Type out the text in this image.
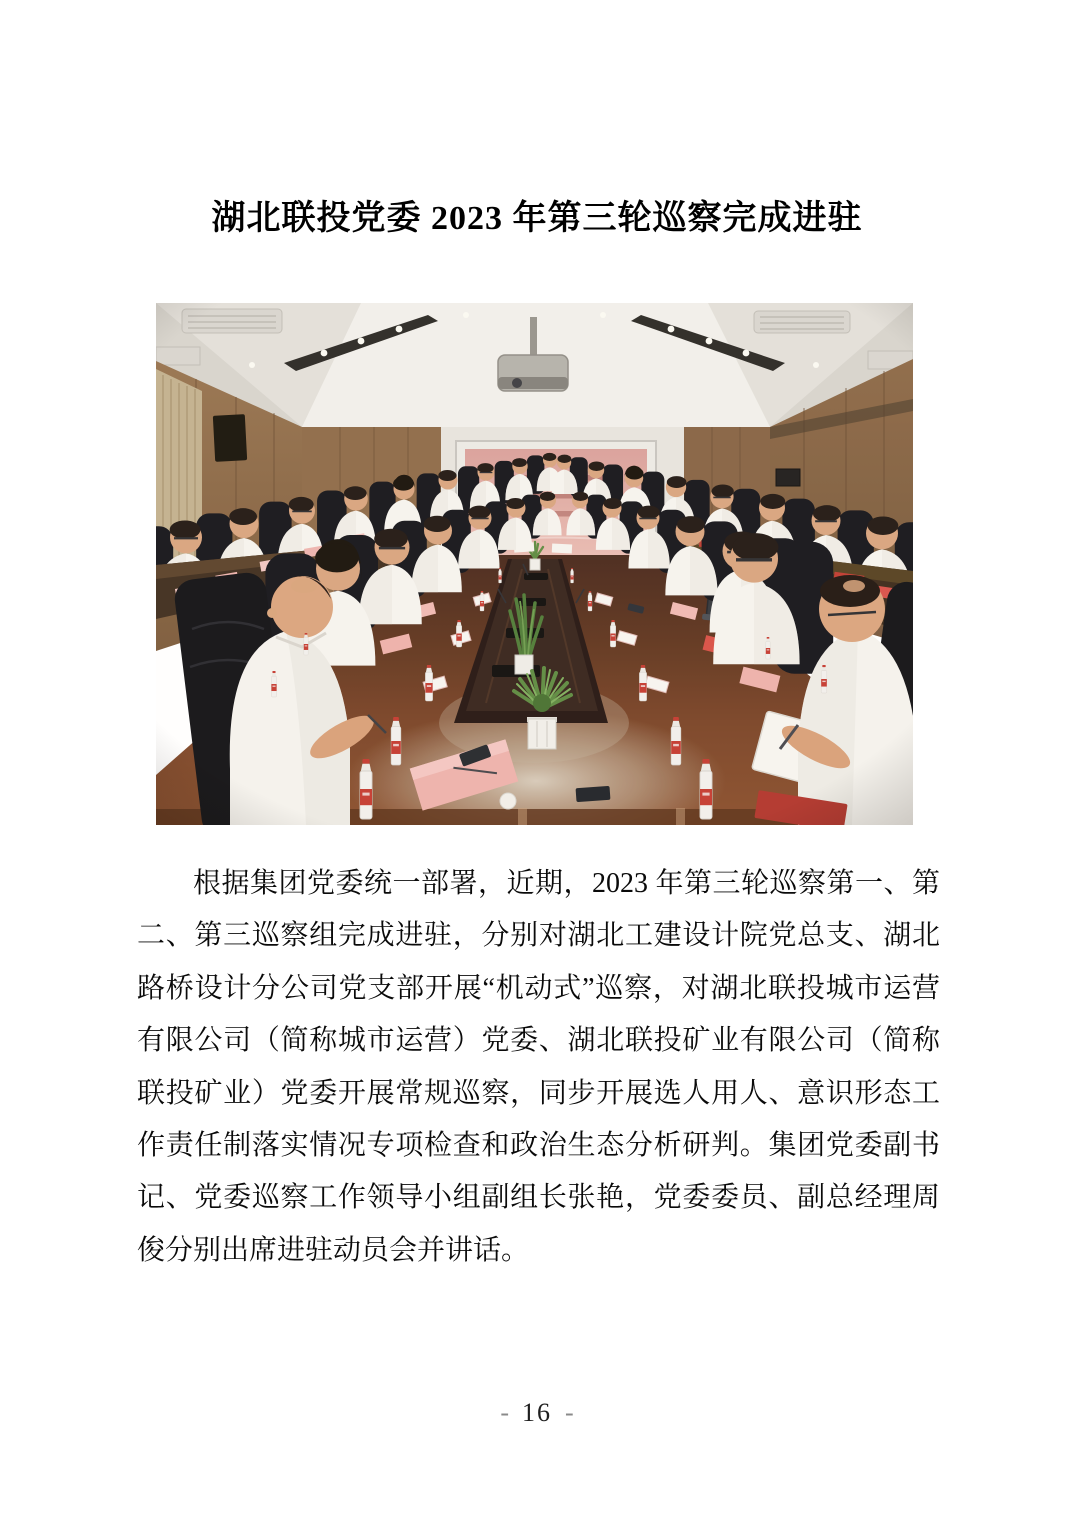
湖北联投党委 2023 年第三轮巡察完成进驻

根据集团党委统一部署，近期，2023 年第三轮巡察第一、第二、第三巡察组完成进驻，分别对湖北工建设计院党总支、湖北路桥设计分公司党支部开展“机动式”巡察，对湖北联投城市运营有限公司（简称城市运营）党委、湖北联投矿业有限公司（简称联投矿业）党委开展常规巡察，同步开展选人用人、意识形态工作责任制落实情况专项检查和政治生态分析研判。集团党委副书记、党委巡察工作领导小组副组长张艳，党委委员、副总经理周俊分别出席进驻动员会并讲话。

- 16 -
